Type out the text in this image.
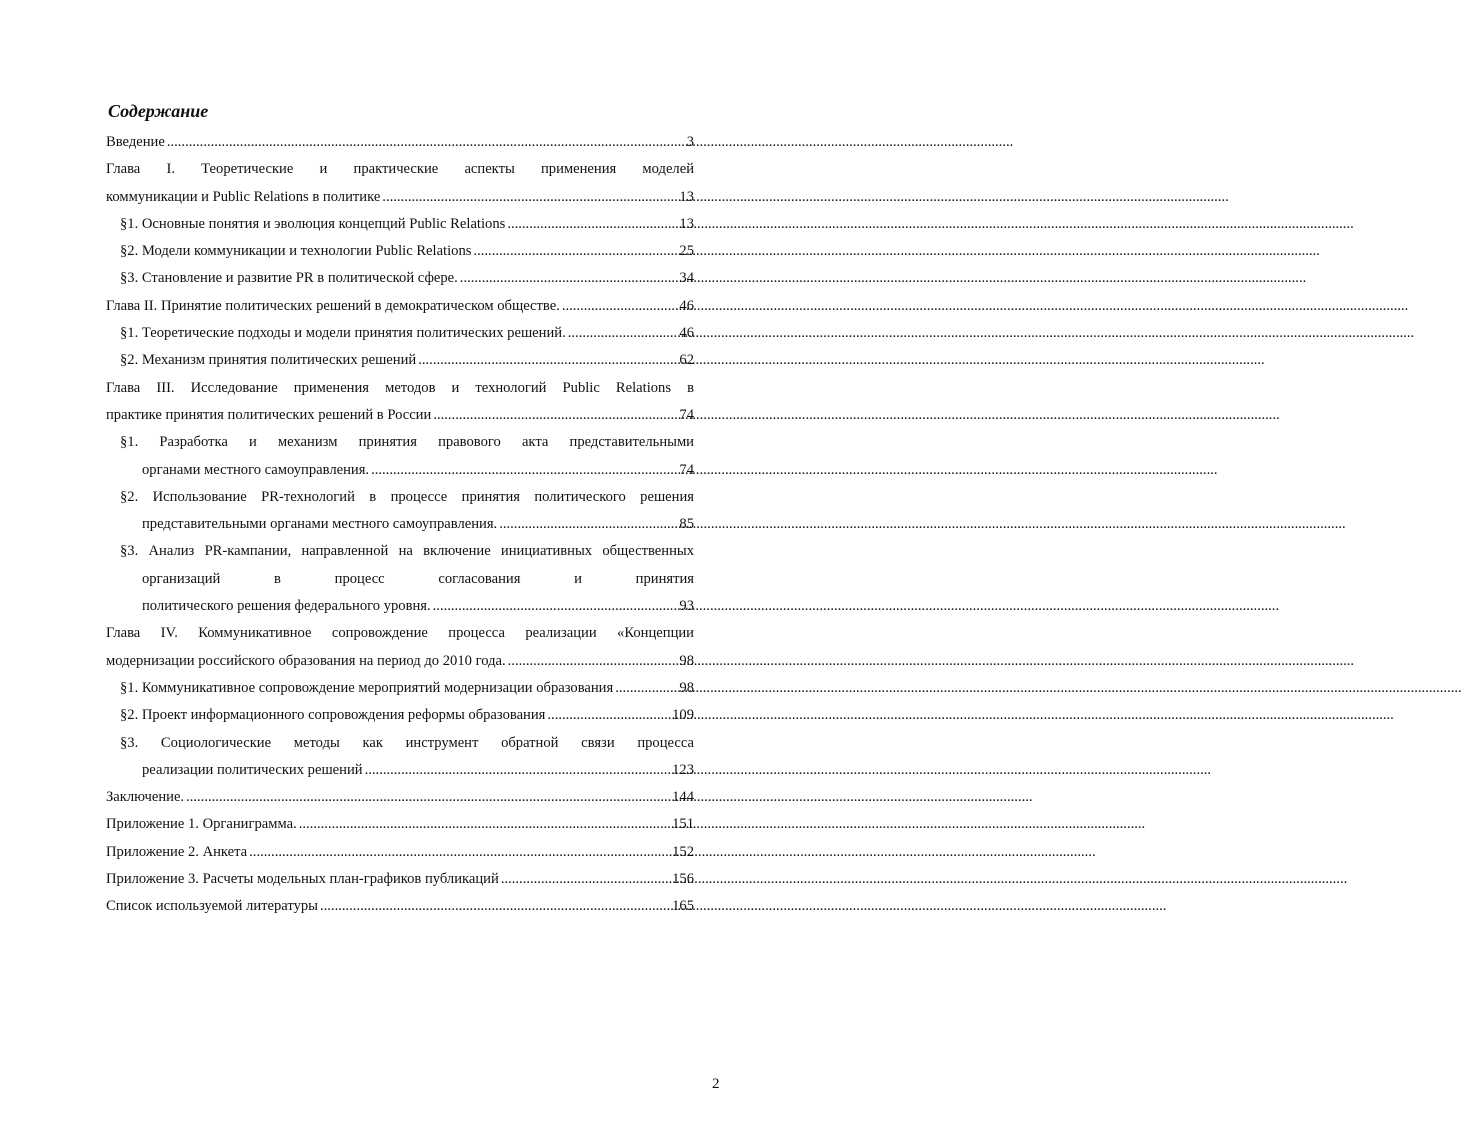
Содержание
Введение .....	3
Глава I. Теоретические и практические аспекты применения моделей
коммуникации и Public Relations в политике .....	13
§1. Основные понятия и эволюция концепций Public Relations .....	13
§2. Модели коммуникации и технологии Public Relations .....	25
§3. Становление и развитие PR в политической сфере. .....	34
Глава II. Принятие политических решений в демократическом обществе. .....	46
§1. Теоретические подходы и модели принятия политических решений. .....	46
§2. Механизм принятия политических решений .....	62
Глава III. Исследование применения методов и технологий Public Relations в
практике принятия политических решений в России .....	74
§1. Разработка и механизм принятия правового акта представительными
органами местного самоуправления. .....	74
§2. Использование PR-технологий в процессе принятия политического решения
представительными органами местного самоуправления. .....	85
§3. Анализ PR-кампании, направленной на включение инициативных общественных организаций в процесс согласования и принятия
политического решения федерального уровня. .....	93
Глава IV. Коммуникативное сопровождение процесса реализации «Концепции
модернизации российского образования на период до 2010 года. .....	98
§1. Коммуникативное сопровождение мероприятий модернизации образования .....	98
§2. Проект информационного сопровождения реформы образования .....	109
§3. Социологические методы как инструмент обратной связи процесса
реализации политических решений .....	123
Заключение. .....	144
Приложение 1. Органиграмма. .....	151
Приложение 2. Анкета .....	152
Приложение 3. Расчеты модельных план-графиков публикаций .....	156
Список используемой литературы .....	165
2
